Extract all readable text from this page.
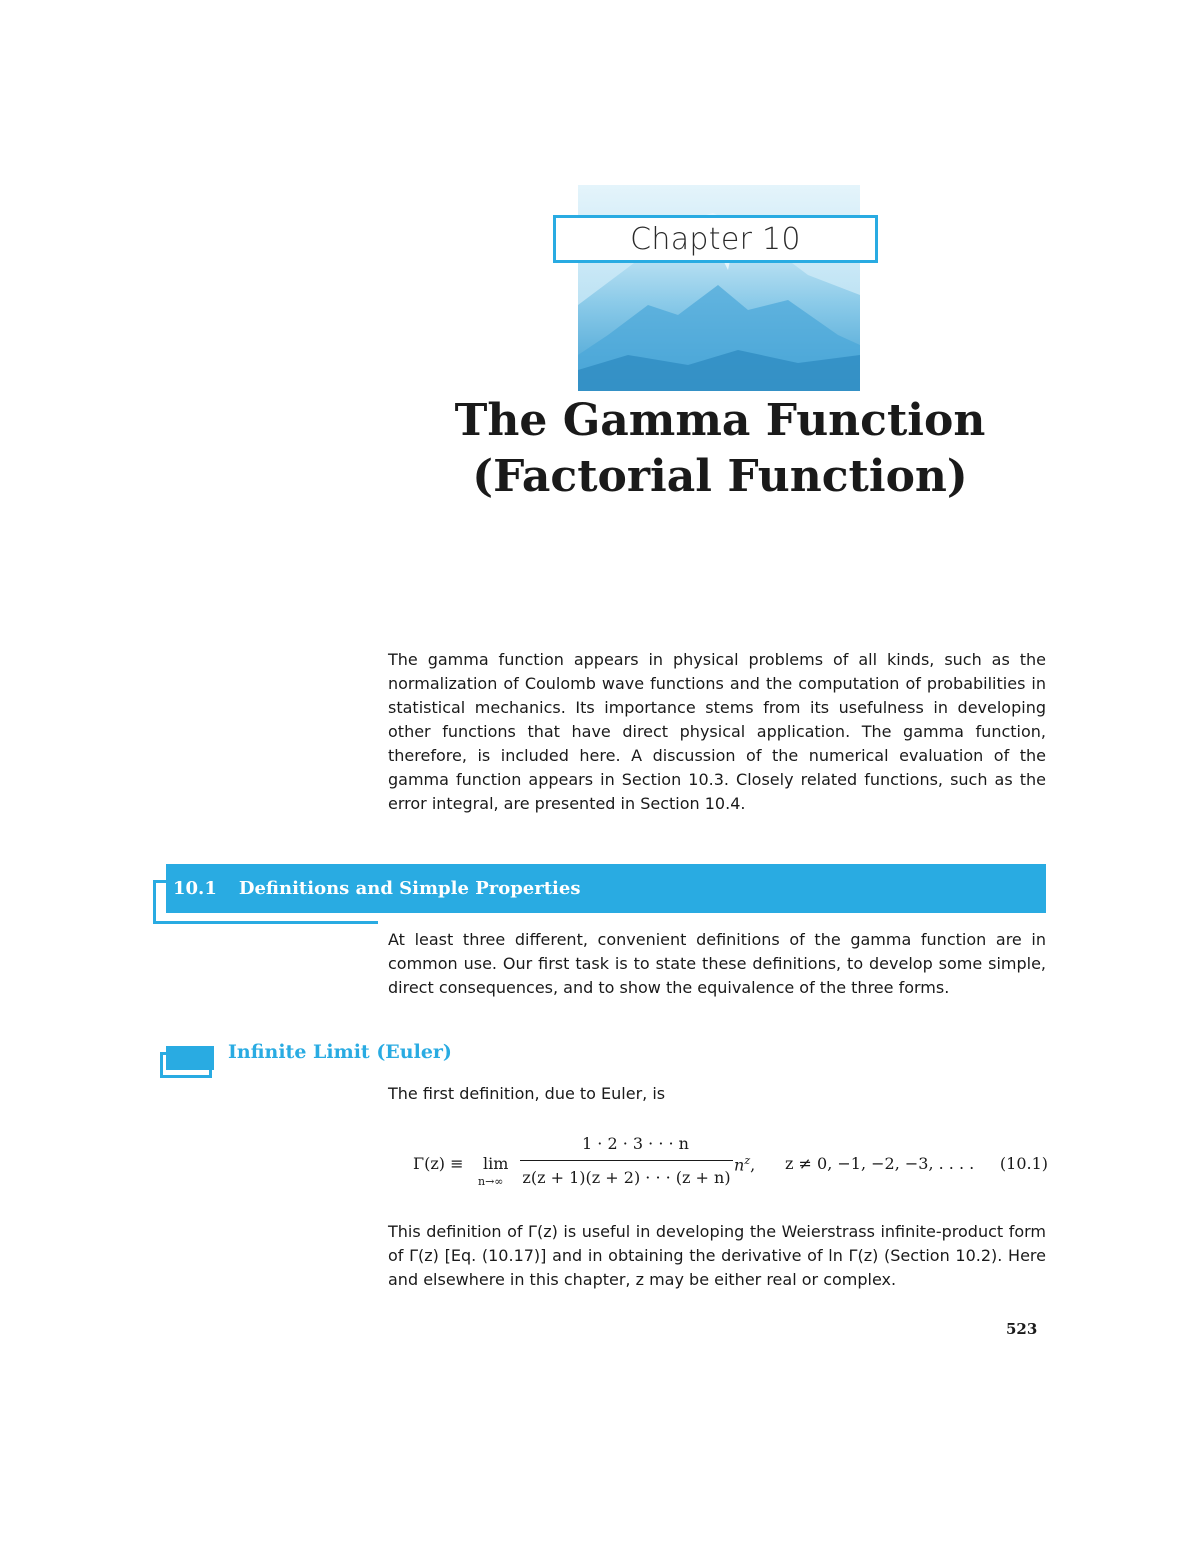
Chapter 10
The Gamma Function
(Factorial Function)

The gamma function appears in physical problems of all kinds, such as the normalization of Coulomb wave functions and the computation of probabilities in statistical mechanics. Its importance stems from its usefulness in developing other functions that have direct physical application. The gamma function, therefore, is included here. A discussion of the numerical evaluation of the gamma function appears in Section 10.3. Closely related functions, such as the error integral, are presented in Section 10.4.

10.1 Definitions and Simple Properties

At least three different, convenient definitions of the gamma function are in common use. Our first task is to state these definitions, to develop some simple, direct consequences, and to show the equivalence of the three forms.

Infinite Limit (Euler)

The first definition, due to Euler, is

Γ(z) ≡ lim
n→∞
1 · 2 · 3 · · · n
z(z + 1)(z + 2) · · · (z + n)
$n^z$, z ≠ 0, −1, −2, −3, . . . . (10.1)

This definition of Γ(z) is useful in developing the Weierstrass infinite-product form of Γ(z) [Eq. (10.17)] and in obtaining the derivative of ln Γ(z) (Section 10.2). Here and elsewhere in this chapter, z may be either real or complex.

523
